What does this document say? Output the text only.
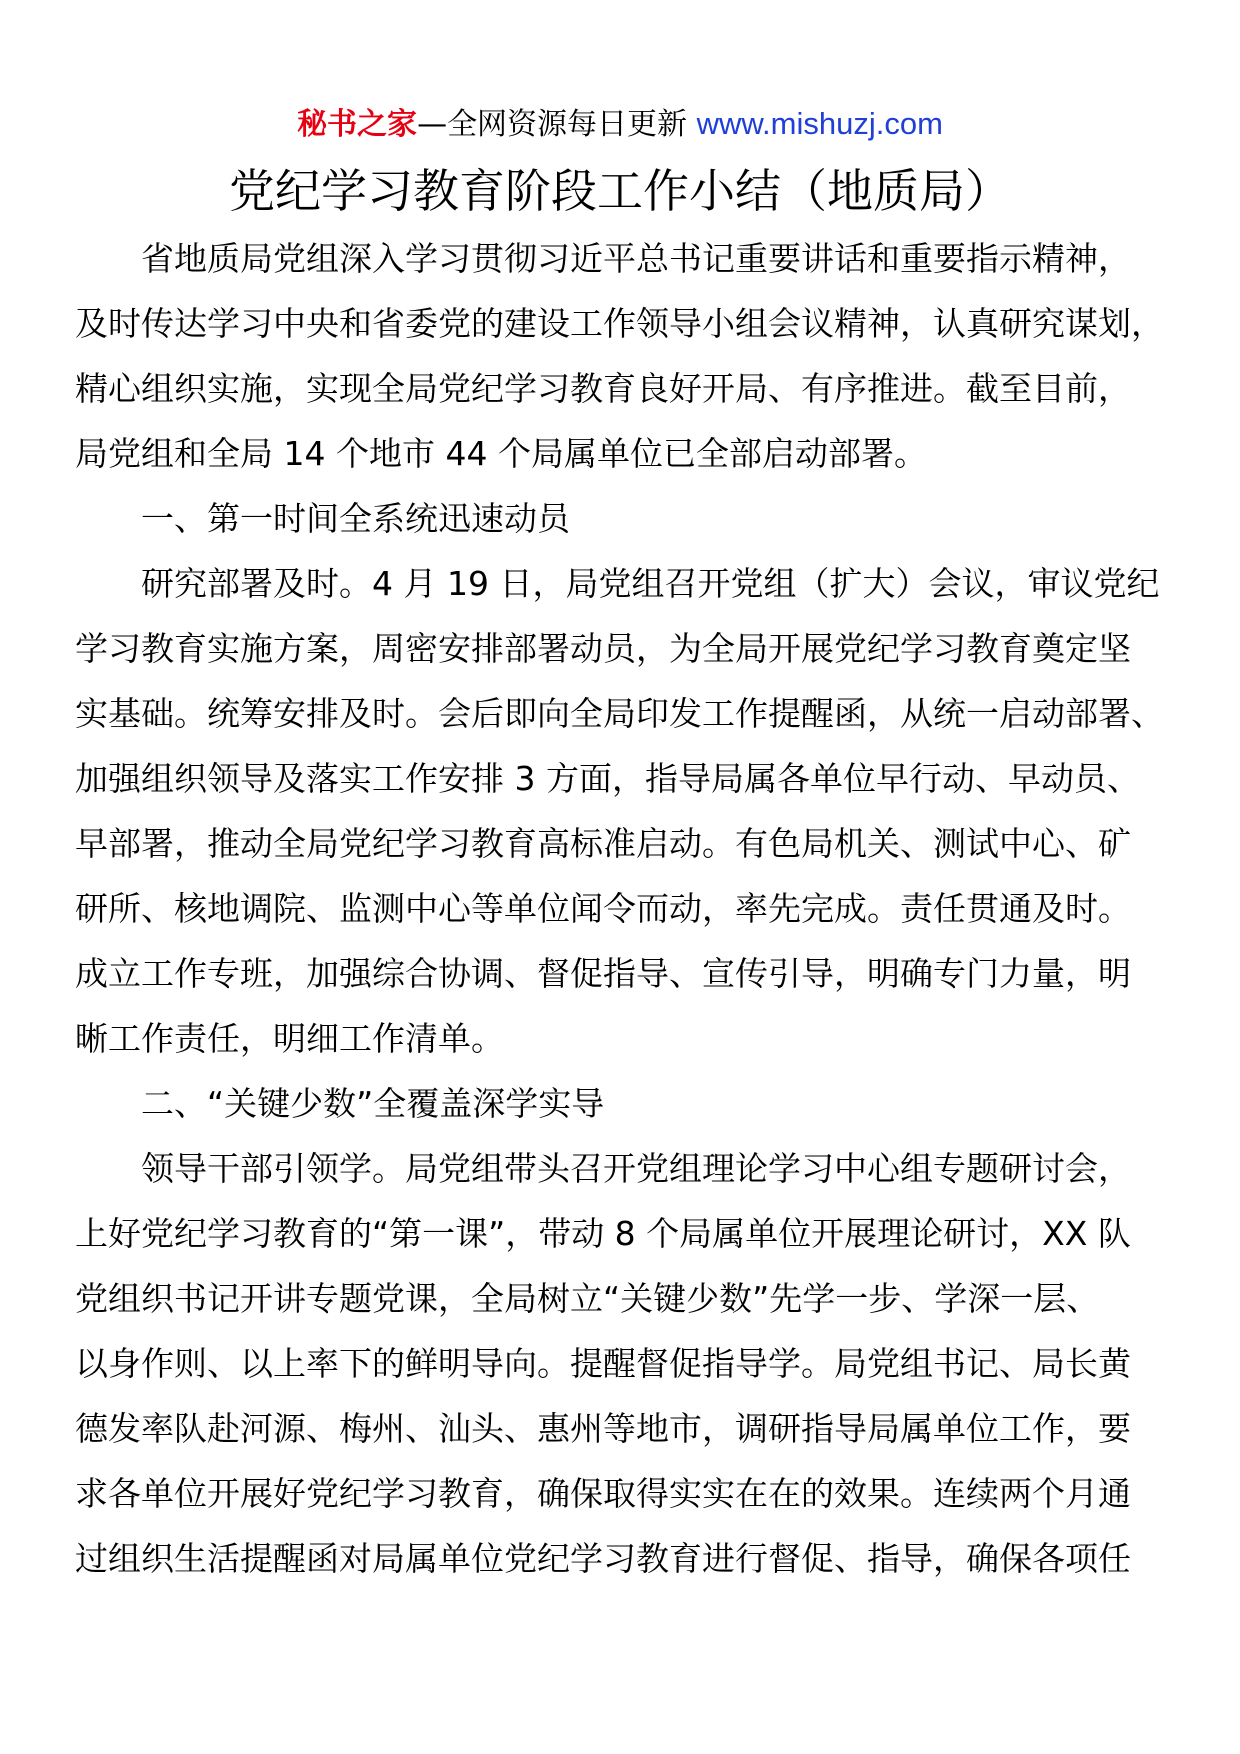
秘书之家—全网资源每日更新 www.mishuzj.com
党纪学习教育阶段工作小结（地质局）
省地质局党组深入学习贯彻习近平总书记重要讲话和重要指示精神，
及时传达学习中央和省委党的建设工作领导小组会议精神，认真研究谋划，
精心组织实施，实现全局党纪学习教育良好开局、有序推进。截至目前，
局党组和全局 14 个地市 44 个局属单位已全部启动部署。
一、第一时间全系统迅速动员
研究部署及时。4 月 19 日，局党组召开党组（扩大）会议，审议党纪
学习教育实施方案，周密安排部署动员，为全局开展党纪学习教育奠定坚
实基础。统筹安排及时。会后即向全局印发工作提醒函，从统一启动部署、
加强组织领导及落实工作安排 3 方面，指导局属各单位早行动、早动员、
早部署，推动全局党纪学习教育高标准启动。有色局机关、测试中心、矿
研所、核地调院、监测中心等单位闻令而动，率先完成。责任贯通及时。
成立工作专班，加强综合协调、督促指导、宣传引导，明确专门力量，明
晰工作责任，明细工作清单。
二、“关键少数”全覆盖深学实导
领导干部引领学。局党组带头召开党组理论学习中心组专题研讨会，
上好党纪学习教育的“第一课”，带动 8 个局属单位开展理论研讨，XX 队
党组织书记开讲专题党课，全局树立“关键少数”先学一步、学深一层、
以身作则、以上率下的鲜明导向。提醒督促指导学。局党组书记、局长黄
德发率队赴河源、梅州、汕头、惠州等地市，调研指导局属单位工作，要
求各单位开展好党纪学习教育，确保取得实实在在的效果。连续两个月通
过组织生活提醒函对局属单位党纪学习教育进行督促、指导，确保各项任
